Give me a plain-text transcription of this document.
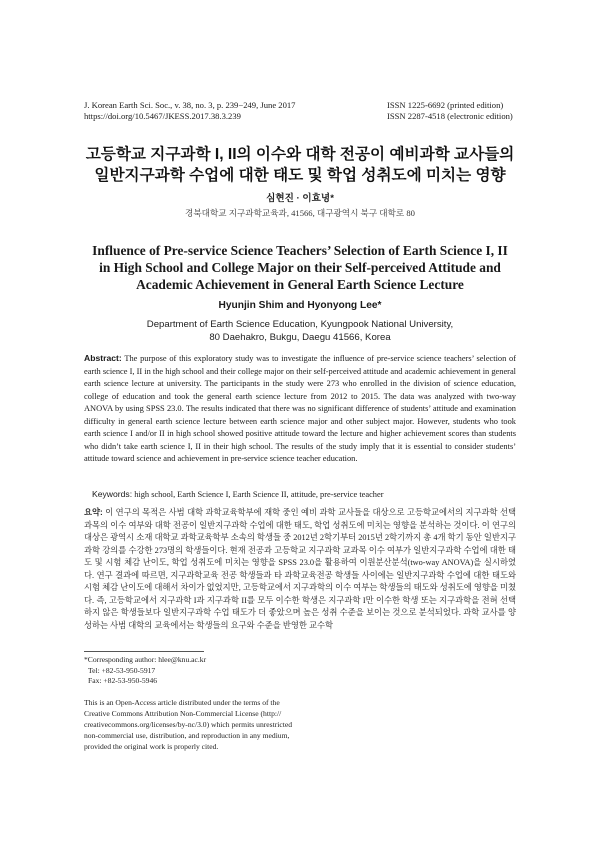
J. Korean Earth Sci. Soc., v. 38, no. 3, p. 239−249, June 2017
https://doi.org/10.5467/JKESS.2017.38.3.239
ISSN 1225-6692 (printed edition)
ISSN 2287-4518 (electronic edition)
고등학교 지구과학 I, II의 이수와 대학 전공이 예비과학 교사들의
일반지구과학 수업에 대한 태도 및 학업 성취도에 미치는 영향
심현진 · 이효녕*
경북대학교 지구과학교육과, 41566, 대구광역시 북구 대학로 80
Influence of Pre-service Science Teachers’ Selection of Earth Science I, II
in High School and College Major on their Self-perceived Attitude and
Academic Achievement in General Earth Science Lecture
Hyunjin Shim and Hyonyong Lee*
Department of Earth Science Education, Kyungpook National University,
80 Daehakro, Bukgu, Daegu 41566, Korea
Abstract: The purpose of this exploratory study was to investigate the influence of pre-service science teachers’ selection of earth science I, II in the high school and their college major on their self-perceived attitude and academic achievement in general earth science lecture at university. The participants in the study were 273 who enrolled in the division of science education, college of education and took the general earth science lecture from 2012 to 2015. The data was analyzed with two-way ANOVA by using SPSS 23.0. The results indicated that there was no significant difference of students’ attitude and examination difficulty in general earth science lecture between earth science major and other subject major. However, students who took earth science I and/or II in high school showed positive attitude toward the lecture and higher achievement scores than students who didn’t take earth science I, II in their high school. The results of the study imply that it is essential to consider students’ attitude toward science and achievement in pre-service science teacher education.
Keywords: high school, Earth Science I, Earth Science II, attitude, pre-service teacher
요약: 이 연구의 목적은 사범 대학 과학교육학부에 재학 중인 예비 과학 교사들을 대상으로 고등학교에서의 지구과학 선택 과목의 이수 여부와 대학 전공이 일반지구과학 수업에 대한 태도, 학업 성취도에 미치는 영향을 분석하는 것이다. 이 연구의 대상은 광역시 소재 대학교 과학교육학부 소속의 학생들 중 2012년 2학기부터 2015년 2학기까지 총 4개 학기 동안 일반지구과학 강의를 수강한 273명의 학생들이다. 현재 전공과 고등학교 지구과학 교과목 이수 여부가 일반지구과학 수업에 대한 태도 및 시험 체감 난이도, 학업 성취도에 미치는 영향을 SPSS 23.0을 활용하여 이원분산분석(two-way ANOVA)을 실시하였다. 연구 결과에 따르면, 지구과학교육 전공 학생들과 타 과학교육전공 학생들 사이에는 일반지구과학 수업에 대한 태도와 시험 체감 난이도에 대해서 차이가 없었지만, 고등학교에서 지구과학의 이수 여부는 학생들의 태도와 성취도에 영향을 미쳤다. 즉, 고등학교에서 지구과학 I과 지구과학 II를 모두 이수한 학생은 지구과학 I만 이수한 학생 또는 지구과학을 전혀 선택하지 않은 학생들보다 일반지구과학 수업 태도가 더 좋았으며 높은 성취 수준을 보이는 것으로 분석되었다. 과학 교사를 양성하는 사범 대학의 교육에서는 학생들의 요구와 수준을 반영한 교수학
*Corresponding author: hlee@knu.ac.kr
Tel: +82-53-950-5917
Fax: +82-53-950-5946
This is an Open-Access article distributed under the terms of the
Creative Commons Attribution Non-Commercial License (http://
creativecommons.org/licenses/by-nc/3.0) which permits unrestricted
non-commercial use, distribution, and reproduction in any medium,
provided the original work is properly cited.
